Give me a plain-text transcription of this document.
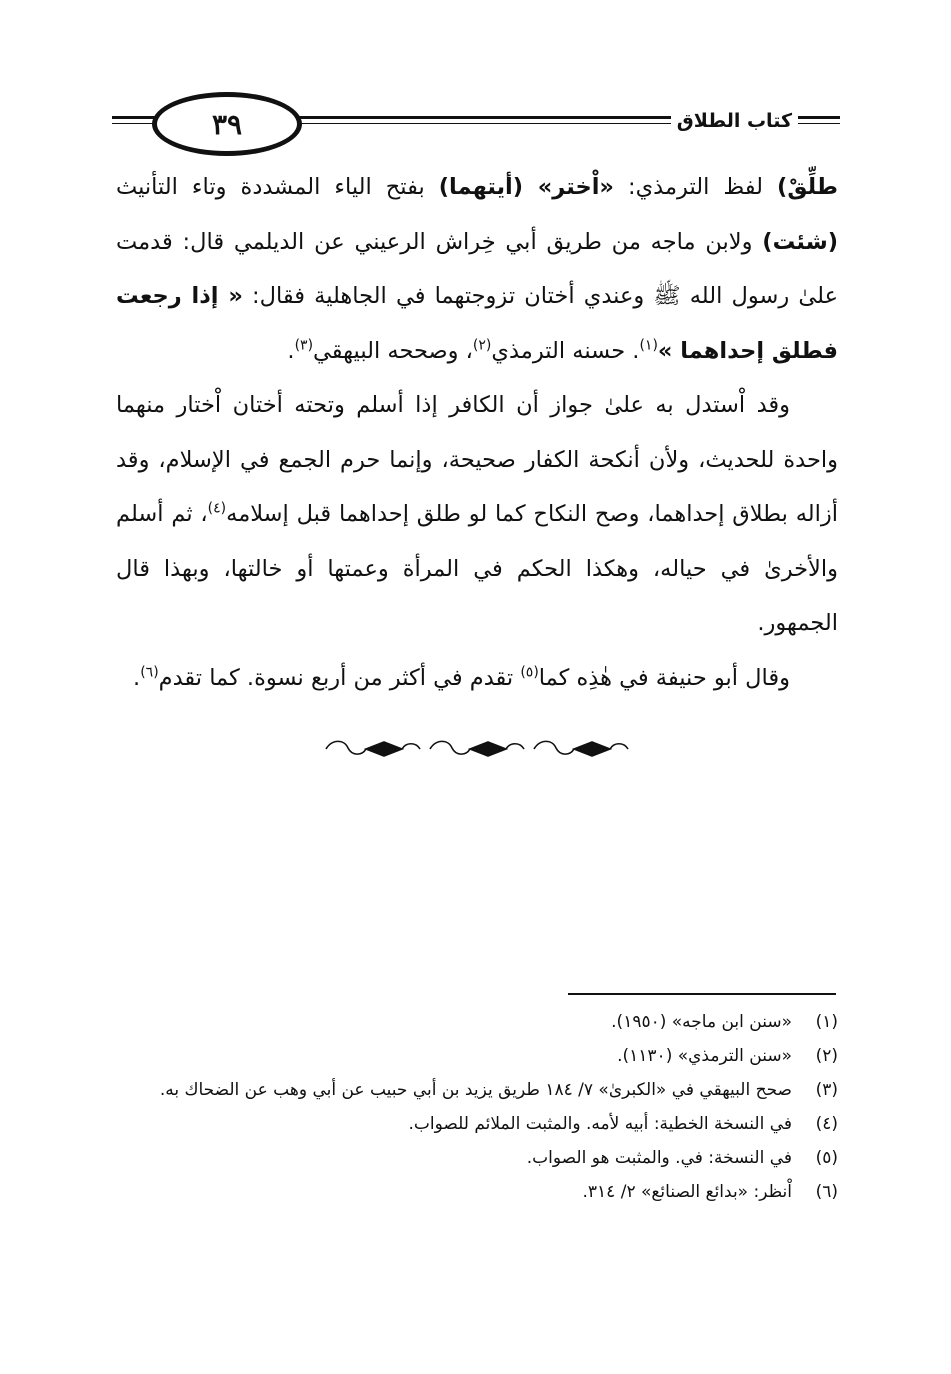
٣٩	كتاب الطلاق

طلِّقْ) لفظ الترمذي: «اْختر» (أيتهما) بفتح الياء المشددة وتاء التأنيث (شئت) ولابن ماجه من طريق أبي خِراش الرعيني عن الديلمي قال: قدمت علىٰ رسول الله ﷺ وعندي أختان تزوجتهما في الجاهلية فقال: « إذا رجعت فطلق إحداهما »$^{(١)}$. حسنه الترمذي$^{(٢)}$، وصححه البيهقي$^{(٣)}$.

وقد اْستدل به علىٰ جواز أن الكافر إذا أسلم وتحته أختان اْختار منهما واحدة للحديث، ولأن أنكحة الكفار صحيحة، وإنما حرم الجمع في الإسلام، وقد أزاله بطلاق إحداهما، وصح النكاح كما لو طلق إحداهما قبل إسلامه$^{(٤)}$، ثم أسلم والأخرىٰ في حياله، وهكذا الحكم في المرأة وعمتها أو خالتها، وبهذا قال الجمهور.

وقال أبو حنيفة في هٰذِه كما$^{(٥)}$ تقدم في أكثر من أربع نسوة. كما تقدم$^{(٦)}$.

(١)
«سنن ابن ماجه» (١٩٥٠).
(٢)
«سنن الترمذي» (١١٣٠).
(٣)
صحح البيهقي في «الكبرىٰ» ٧/ ١٨٤ طريق يزيد بن أبي حبيب عن أبي وهب عن الضحاك به.
(٤)
في النسخة الخطية: أبيه لأمه. والمثبت الملائم للصواب.
(٥)
في النسخة: في. والمثبت هو الصواب.
(٦)
اْنظر: «بدائع الصنائع» ٢/ ٣١٤.
